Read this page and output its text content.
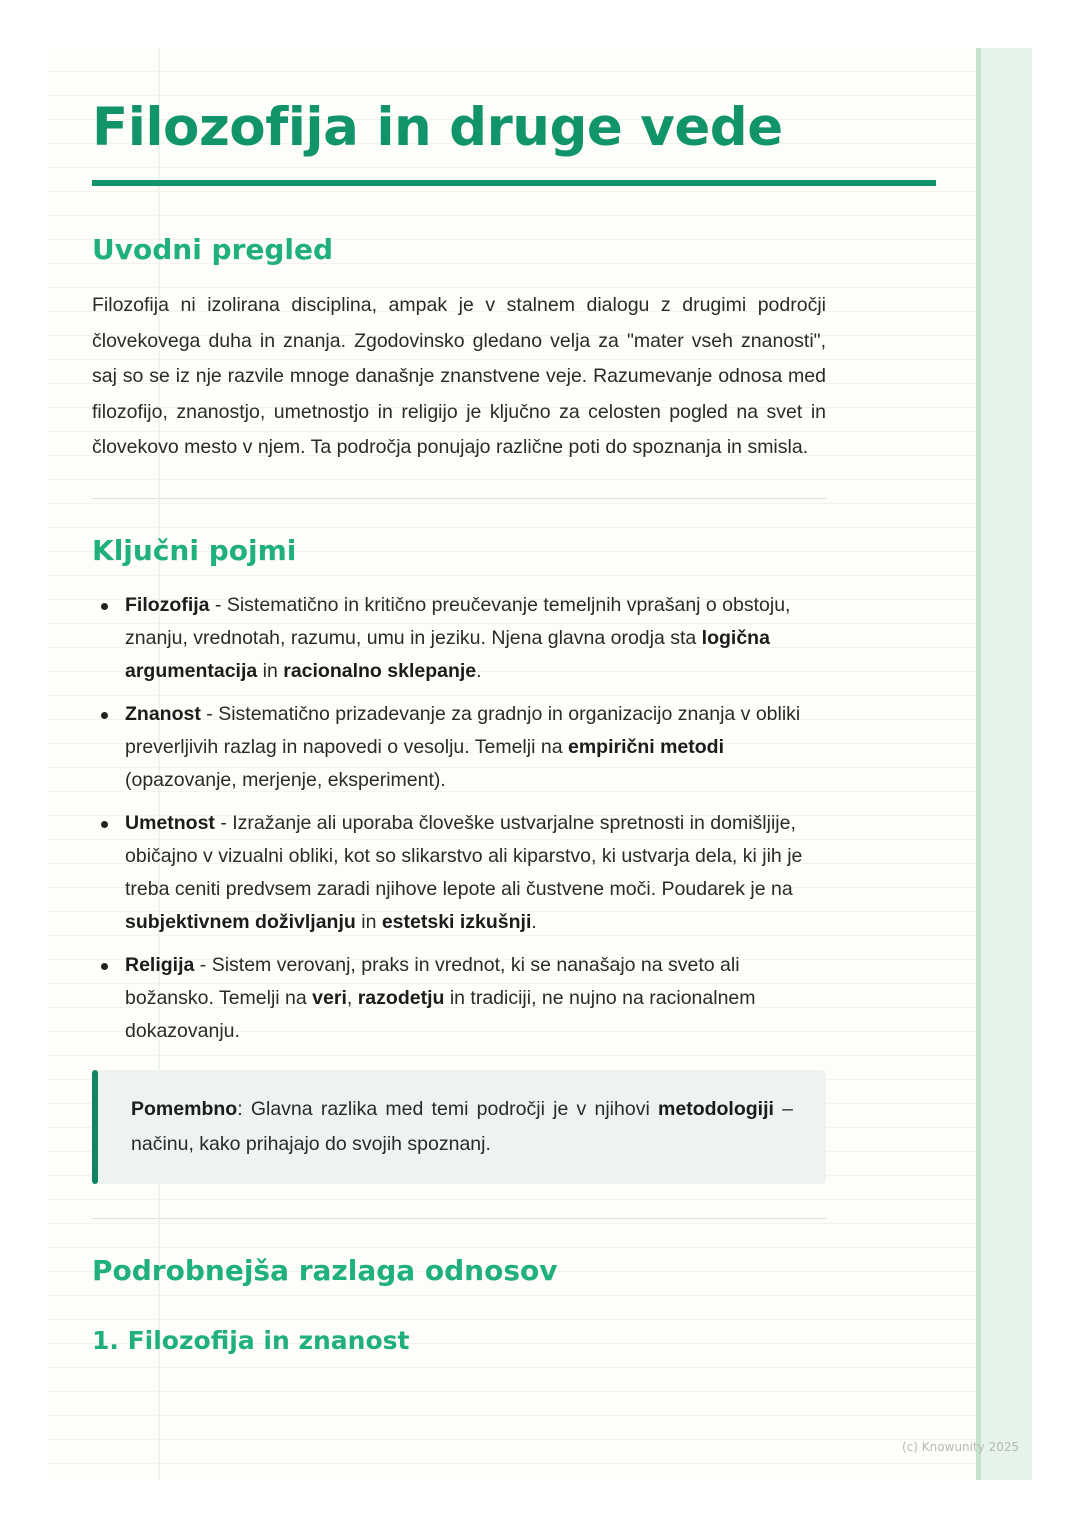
Filozofija in druge vede
Uvodni pregled

Filozofija ni izolirana disciplina, ampak je v stalnem dialogu z drugimi področji človekovega duha in znanja. Zgodovinsko gledano velja za "mater vseh znanosti", saj so se iz nje razvile mnoge današnje znanstvene veje. Razumevanje odnosa med filozofijo, znanostjo, umetnostjo in religijo je ključno za celosten pogled na svet in človekovo mesto v njem. Ta področja ponujajo različne poti do spoznanja in smisla.

Ključni pojmi
Filozofija - Sistematično in kritično preučevanje temeljnih vprašanj o obstoju, znanju, vrednotah, razumu, umu in jeziku. Njena glavna orodja sta logična argumentacija in racionalno sklepanje.
Znanost - Sistematično prizadevanje za gradnjo in organizacijo znanja v obliki preverljivih razlag in napovedi o vesolju. Temelji na empirični metodi (opazovanje, merjenje, eksperiment).
Umetnost - Izražanje ali uporaba človeške ustvarjalne spretnosti in domišljije, običajno v vizualni obliki, kot so slikarstvo ali kiparstvo, ki ustvarja dela, ki jih je treba ceniti predvsem zaradi njihove lepote ali čustvene moči. Poudarek je na subjektivnem doživljanju in estetski izkušnji.
Religija - Sistem verovanj, praks in vrednot, ki se nanašajo na sveto ali božansko. Temelji na veri, razodetju in tradiciji, ne nujno na racionalnem dokazovanju.
Pomembno: Glavna razlika med temi področji je v njihovi metodologiji – načinu, kako prihajajo do svojih spoznanj.
Podrobnejša razlaga odnosov
1. Filozofija in znanost
(c) Knowunity 2025
